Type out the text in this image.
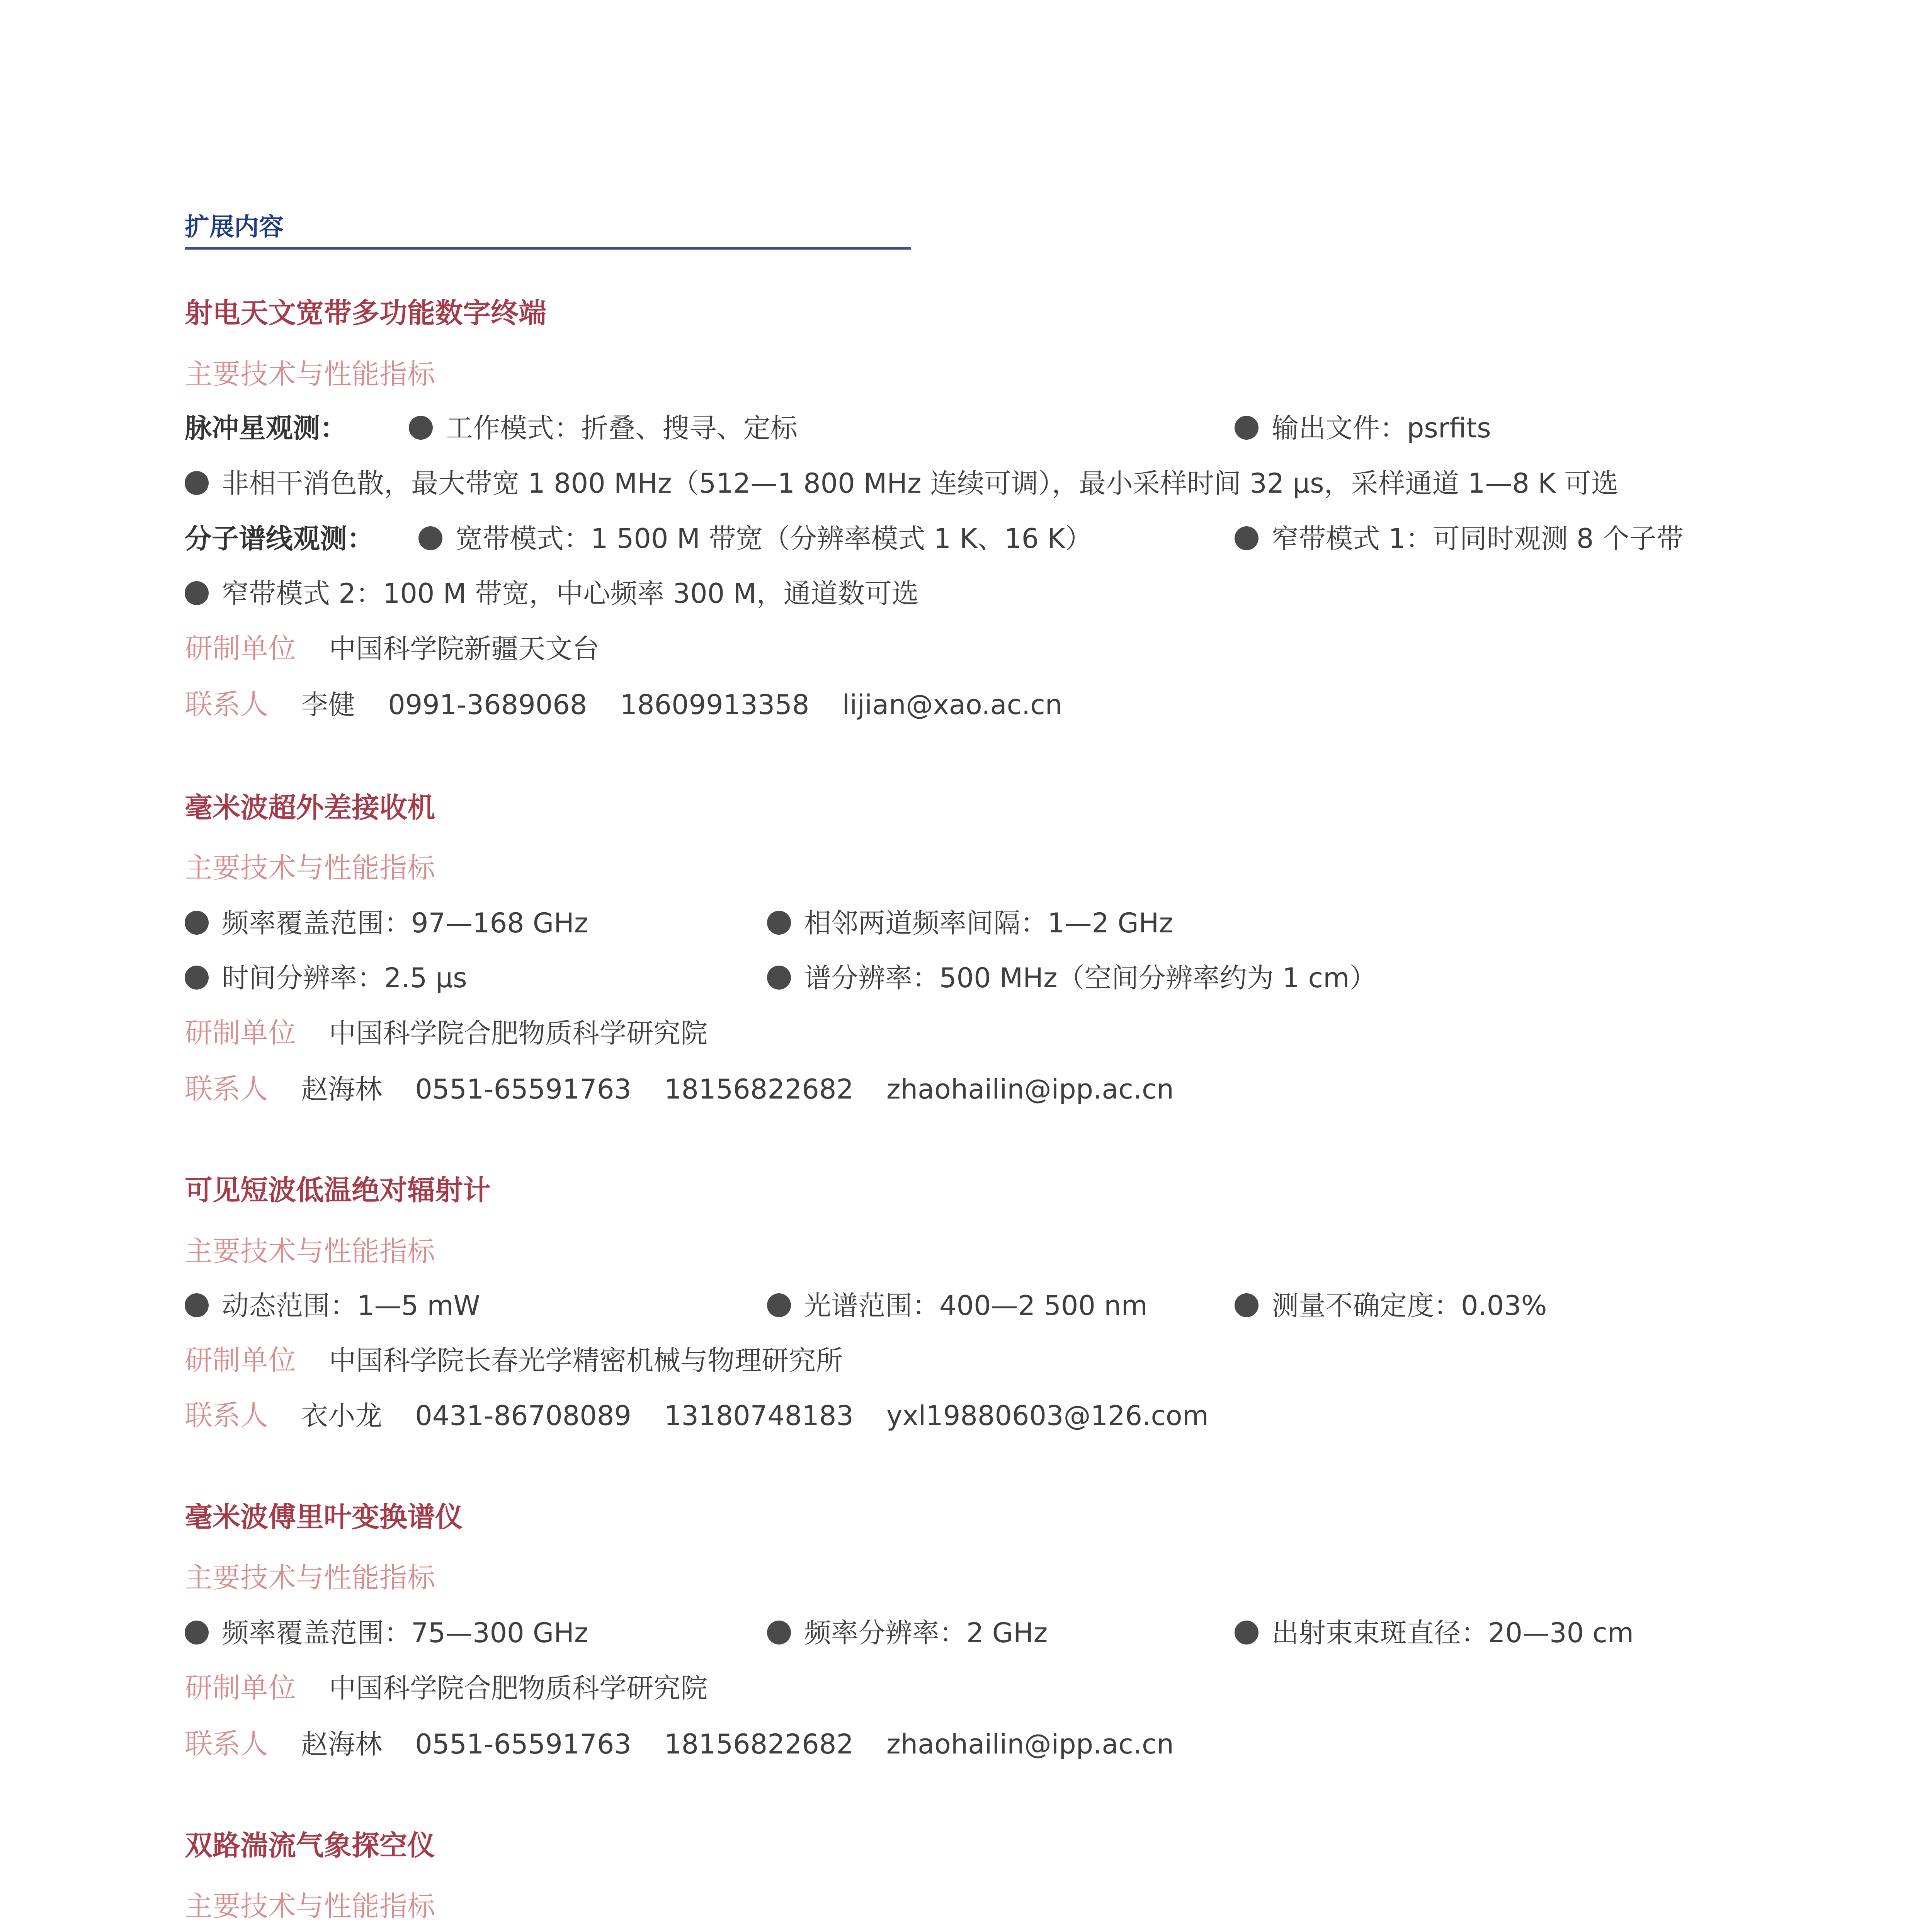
扩展内容
射电天文宽带多功能数字终端
主要技术与性能指标
脉冲星观测：	工作模式：折叠、搜寻、定标	输出文件：psrfits
非相干消色散，最大带宽 1 800 MHz（512—1 800 MHz 连续可调），最小采样时间 32 μs，采样通道 1—8 K 可选
分子谱线观测：	宽带模式：1 500 M 带宽（分辨率模式 1 K、16 K）	窄带模式 1：可同时观测 8 个子带
窄带模式 2：100 M 带宽，中心频率 300 M，通道数可选
研制单位 中国科学院新疆天文台
联系人 李健 0991-3689068 18609913358 lijian@xao.ac.cn
毫米波超外差接收机
主要技术与性能指标
频率覆盖范围：97—168 GHz	相邻两道频率间隔：1—2 GHz
时间分辨率：2.5 μs	谱分辨率：500 MHz（空间分辨率约为 1 cm）
研制单位 中国科学院合肥物质科学研究院
联系人 赵海林 0551-65591763 18156822682 zhaohailin@ipp.ac.cn
可见短波低温绝对辐射计
主要技术与性能指标
动态范围：1—5 mW	光谱范围：400—2 500 nm	测量不确定度：0.03%
研制单位 中国科学院长春光学精密机械与物理研究所
联系人 衣小龙 0431-86708089 13180748183 yxl19880603@126.com
毫米波傅里叶变换谱仪
主要技术与性能指标
频率覆盖范围：75—300 GHz	频率分辨率：2 GHz	出射束束斑直径：20—30 cm
研制单位 中国科学院合肥物质科学研究院
联系人 赵海林 0551-65591763 18156822682 zhaohailin@ipp.ac.cn
双路湍流气象探空仪
主要技术与性能指标
